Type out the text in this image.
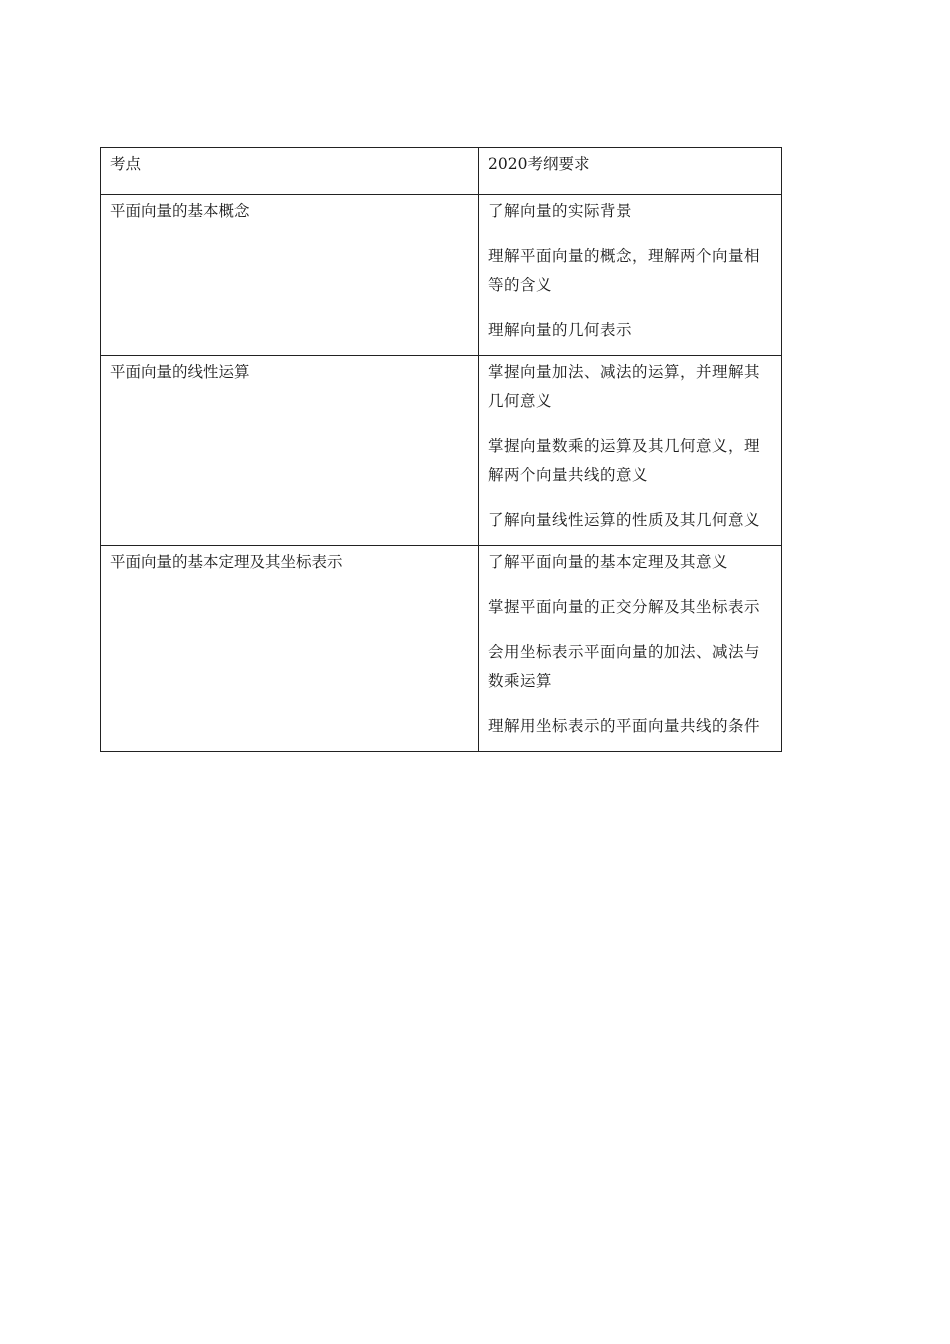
考点	2020考纲要求
平面向量的基本概念	了解向量的实际背景

理解平面向量的概念，理解两个向量相等的含义

理解向量的几何表示

平面向量的线性运算	掌握向量加法、减法的运算，并理解其几何意义

掌握向量数乘的运算及其几何意义，理解两个向量共线的意义

了解向量线性运算的性质及其几何意义

平面向量的基本定理及其坐标表示	了解平面向量的基本定理及其意义

掌握平面向量的正交分解及其坐标表示

会用坐标表示平面向量的加法、减法与数乘运算

理解用坐标表示的平面向量共线的条件
